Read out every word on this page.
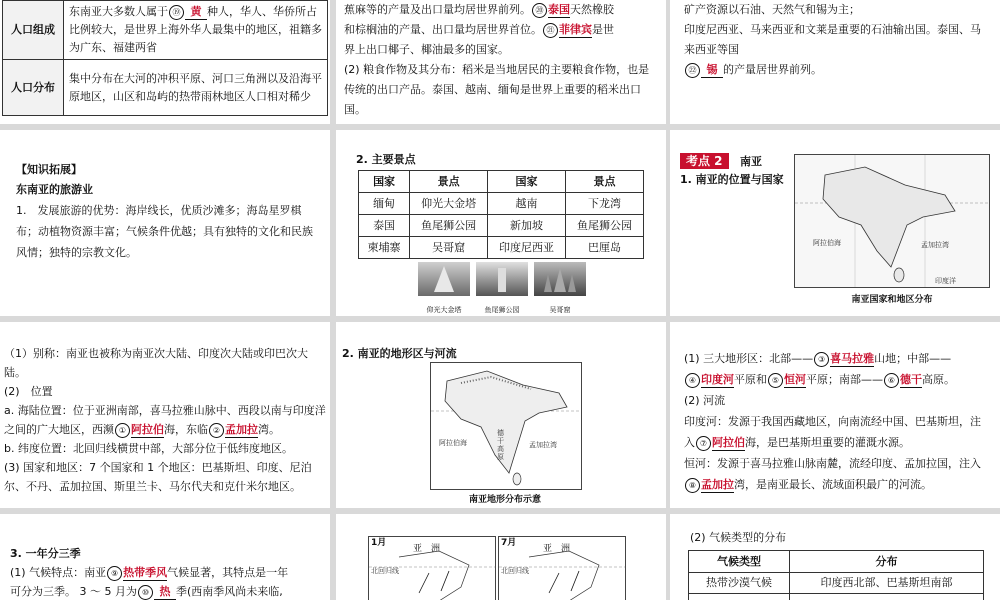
人口组成	东南亚大多数人属于 ⑲ 黄 种人，华人、华侨所占比例较大，是世界上海外华人最集中的地区，祖籍多为广东、福建两省
人口分布	集中分布在大河的冲积平原、河口三角洲以及沿海平原地区，山区和岛屿的热带雨林地区人口相对稀少
蕉麻等的产量及出口量均居世界前列。 ⑳ 泰国天然橡胶
和棕榈油的产量、出口量均居世界首位。 ㉑ 菲律宾是世
界上出口椰子、椰油最多的国家。
(2) 粮食作物及其分布：稻米是当地居民的主要粮食作物，也是传统的出口产品。泰国、越南、缅甸是世界上重要的稻米出口国。
矿产资源以石油、天然气和锡为主；
印度尼西亚、马来西亚和文莱是重要的石油输出国。泰国、马来西亚等国
㉒ 锡 的产量居世界前列。
【知识拓展】
东南亚的旅游业
1.　发展旅游的优势：海岸线长，优质沙滩多；海岛星罗棋布；动植物资源丰富；气候条件优越；具有独特的文化和民族风情；独特的宗教文化。
2. 主要景点
国家	景点	国家	景点
缅甸	仰光大金塔	越南	下龙湾
泰国	鱼尾狮公园	新加坡	鱼尾狮公园
柬埔寨	吴哥窟	印度尼西亚	巴厘岛
仰光大金塔	鱼尾狮公园	吴哥窟
考点 2 南亚
1. 南亚的位置与国家
阿拉伯海	孟加拉湾
印度洋
南亚国家和地区分布
（1）别称：南亚也被称为南亚次大陆、印度次大陆或印巴次大陆。
(2)　位置
a. 海陆位置：位于亚洲南部，喜马拉雅山脉中、西段以南与印度洋之间的广大地区，西濒 ① 阿拉伯海，东临 ② 孟加拉湾。
b. 纬度位置：北回归线横贯中部，大部分位于低纬度地区。
(3) 国家和地区：7 个国家和 1 个地区：巴基斯坦、印度、尼泊尔、不丹、孟加拉国、斯里兰卡、马尔代夫和克什米尔地区。
2. 南亚的地形区与河流
阿拉伯海	孟加拉湾
德干高原
南亚地形分布示意
(1) 三大地形区：北部—— ③ 喜马拉雅山地；中部——
④ 印度河平原和 ⑤ 恒河平原；南部—— ⑥ 德干高原。
(2) 河流
印度河：发源于我国西藏地区，向南流经中国、巴基斯坦，注入 ⑦ 阿拉伯海，是巴基斯坦重要的灌溉水源。
恒河：发源于喜马拉雅山脉南麓，流经印度、孟加拉国，注入⑧ 孟加拉湾，是南亚最长、流域面积最广的河流。
3. 一年分三季
(1) 气候特点：南亚 ⑨ 热带季风气候显著，其特点是一年
可分为三季。 3 ～ 5 月为 ⑩ 热 季(西南季风尚未来临,
1月
亚　洲
北回归线
7月
亚　洲
北回归线
(2) 气候类型的分布
气候类型	分布
热带沙漠气候	印度西北部、巴基斯坦南部
